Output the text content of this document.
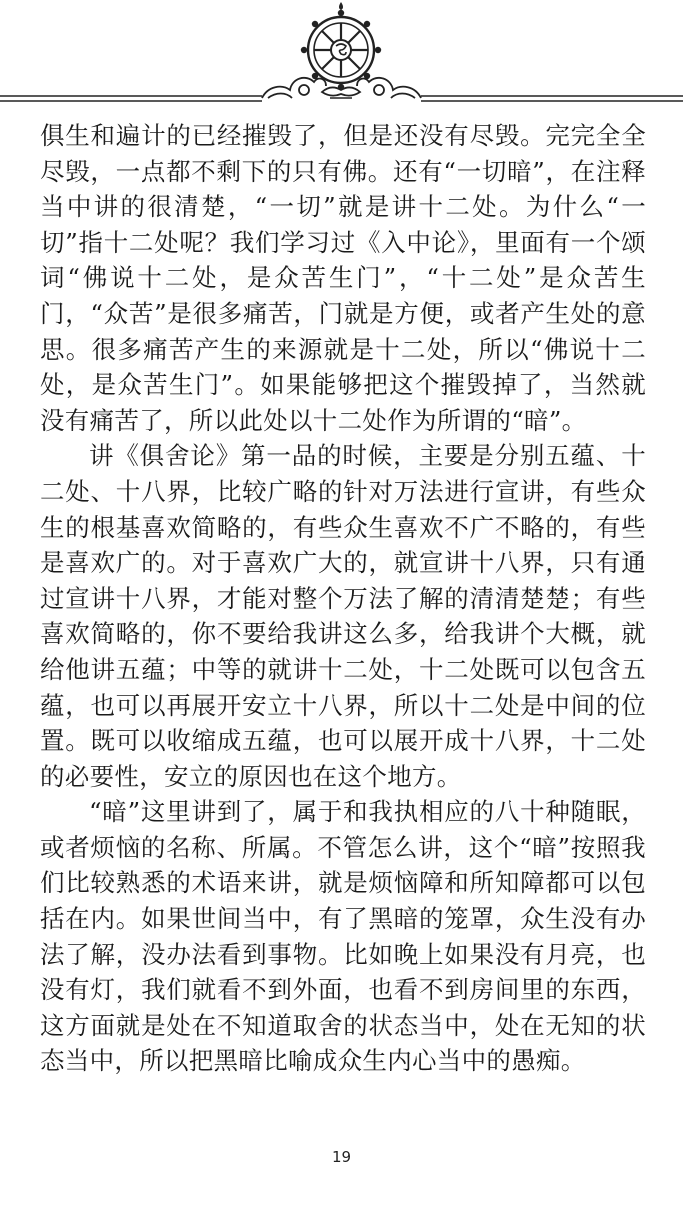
俱生和遍计的已经摧毁了，但是还没有尽毁。完完全全尽毁，一点都不剩下的只有佛。还有“一切暗”，在注释当中讲的很清楚，“一切”就是讲十二处。为什么“一切”指十二处呢？我们学习过《入中论》，里面有一个颂词“佛说十二处，是众苦生门”，“十二处”是众苦生门，“众苦”是很多痛苦，门就是方便，或者产生处的意思。很多痛苦产生的来源就是十二处，所以“佛说十二处，是众苦生门”。如果能够把这个摧毁掉了，当然就没有痛苦了，所以此处以十二处作为所谓的“暗”。

讲《俱舍论》第一品的时候，主要是分别五蕴、十二处、十八界，比较广略的针对万法进行宣讲，有些众生的根基喜欢简略的，有些众生喜欢不广不略的，有些是喜欢广的。对于喜欢广大的，就宣讲十八界，只有通过宣讲十八界，才能对整个万法了解的清清楚楚；有些喜欢简略的，你不要给我讲这么多，给我讲个大概，就给他讲五蕴；中等的就讲十二处，十二处既可以包含五蕴，也可以再展开安立十八界，所以十二处是中间的位置。既可以收缩成五蕴，也可以展开成十八界，十二处的必要性，安立的原因也在这个地方。

“暗”这里讲到了，属于和我执相应的八十种随眠，或者烦恼的名称、所属。不管怎么讲，这个“暗”按照我们比较熟悉的术语来讲，就是烦恼障和所知障都可以包括在内。如果世间当中，有了黑暗的笼罩，众生没有办法了解，没办法看到事物。比如晚上如果没有月亮，也没有灯，我们就看不到外面，也看不到房间里的东西，这方面就是处在不知道取舍的状态当中，处在无知的状态当中，所以把黑暗比喻成众生内心当中的愚痴。

19
